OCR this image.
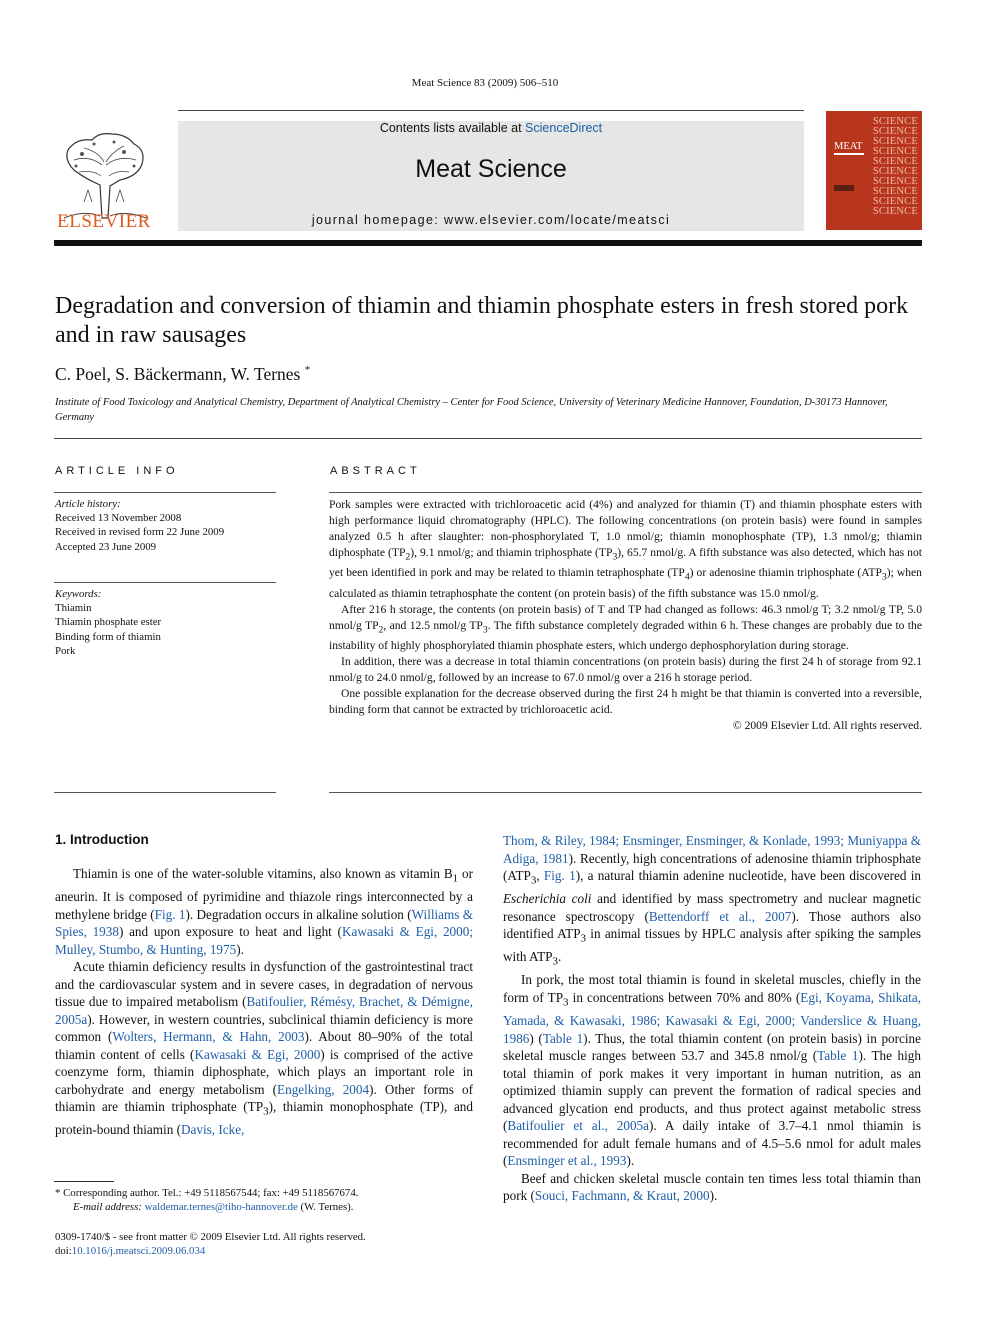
Meat Science 83 (2009) 506–510
ELSEVIER
Contents lists available at ScienceDirect
Meat Science
journal homepage: www.elsevier.com/locate/meatsci
SCIENCE
SCIENCE
SCIENCE
SCIENCE
SCIENCE
SCIENCE
SCIENCE
SCIENCE
SCIENCE
SCIENCE
MEAT
Degradation and conversion of thiamin and thiamin phosphate esters in fresh stored pork and in raw sausages
C. Poel, S. Bäckermann, W. Ternes *
Institute of Food Toxicology and Analytical Chemistry, Department of Analytical Chemistry – Center for Food Science, University of Veterinary Medicine Hannover, Foundation, D-30173 Hannover, Germany
ARTICLE INFO	ABSTRACT
Article history:
Received 13 November 2008
Received in revised form 22 June 2009
Accepted 23 June 2009
Keywords:
Thiamin
Thiamin phosphate ester
Binding form of thiamin
Pork

Pork samples were extracted with trichloroacetic acid (4%) and analyzed for thiamin (T) and thiamin phosphate esters with high performance liquid chromatography (HPLC). The following concentrations (on protein basis) were found in samples analyzed 0.5 h after slaughter: non-phosphorylated T, 1.0 nmol/g; thiamin monophosphate (TP), 1.3 nmol/g; thiamin diphosphate $(TP_2)$, 9.1 nmol/g; and thiamin triphosphate $(TP_3)$, 65.7 nmol/g. A fifth substance was also detected, which has not yet been identified in pork and may be related to thiamin tetraphosphate $(TP_4)$ or adenosine thiamin triphosphate $(ATP_3)$; when calculated as thiamin tetraphosphate the content (on protein basis) of the fifth substance was 15.0 nmol/g.

After 216 h storage, the contents (on protein basis) of T and TP had changed as follows: 46.3 nmol/g T; 3.2 nmol/g TP, 5.0 nmol/g $TP_2$, and 12.5 nmol/g $TP_3$. The fifth substance completely degraded within 6 h. These changes are probably due to the instability of highly phosphorylated thiamin phosphate esters, which undergo dephosphorylation during storage.

In addition, there was a decrease in total thiamin concentrations (on protein basis) during the first 24 h of storage from 92.1 nmol/g to 24.0 nmol/g, followed by an increase to 67.0 nmol/g over a 216 h storage period.

One possible explanation for the decrease observed during the first 24 h might be that thiamin is converted into a reversible, binding form that cannot be extracted by trichloroacetic acid.

© 2009 Elsevier Ltd. All rights reserved.

1. Introduction

Thiamin is one of the water-soluble vitamins, also known as vitamin $B_1$ or aneurin. It is composed of pyrimidine and thiazole rings interconnected by a methylene bridge (Fig. 1). Degradation occurs in alkaline solution (Williams & Spies, 1938) and upon exposure to heat and light (Kawasaki & Egi, 2000; Mulley, Stumbo, & Hunting, 1975).

Acute thiamin deficiency results in dysfunction of the gastrointestinal tract and the cardiovascular system and in severe cases, in degradation of nervous tissue due to impaired metabolism (Batifoulier, Rémésy, Brachet, & Démigne, 2005a). However, in western countries, subclinical thiamin deficiency is more common (Wolters, Hermann, & Hahn, 2003). About 80–90% of the total thiamin content of cells (Kawasaki & Egi, 2000) is comprised of the active coenzyme form, thiamin diphosphate, which plays an important role in carbohydrate and energy metabolism (Engelking, 2004). Other forms of thiamin are thiamin triphosphate $(TP_3)$, thiamin monophosphate (TP), and protein-bound thiamin (Davis, Icke,

Thom, & Riley, 1984; Ensminger, Ensminger, & Konlade, 1993; Muniyappa & Adiga, 1981). Recently, high concentrations of adenosine thiamin triphosphate ($ATP_3$, Fig. 1), a natural thiamin adenine nucleotide, have been discovered in Escherichia coli and identified by mass spectrometry and nuclear magnetic resonance spectroscopy (Bettendorff et al., 2007). Those authors also identified $ATP_3$ in animal tissues by HPLC analysis after spiking the samples with $ATP_3$.

In pork, the most total thiamin is found in skeletal muscles, chiefly in the form of $TP_3$ in concentrations between 70% and 80% (Egi, Koyama, Shikata, Yamada, & Kawasaki, 1986; Kawasaki & Egi, 2000; Vanderslice & Huang, 1986) (Table 1). Thus, the total thiamin content (on protein basis) in porcine skeletal muscle ranges between 53.7 and 345.8 nmol/g (Table 1). The high total thiamin of pork makes it very important in human nutrition, as an optimized thiamin supply can prevent the formation of radical species and advanced glycation end products, and thus protect against metabolic stress (Batifoulier et al., 2005a). A daily intake of 3.7–4.1 nmol thiamin is recommended for adult female humans and of 4.5–5.6 nmol for adult males (Ensminger et al., 1993).

Beef and chicken skeletal muscle contain ten times less total thiamin than pork (Souci, Fachmann, & Kraut, 2000).

* Corresponding author. Tel.: +49 5118567544; fax: +49 5118567674.
E-mail address: waldemar.ternes@tiho-hannover.de (W. Ternes).
0309-1740/$ - see front matter © 2009 Elsevier Ltd. All rights reserved.
doi:10.1016/j.meatsci.2009.06.034
